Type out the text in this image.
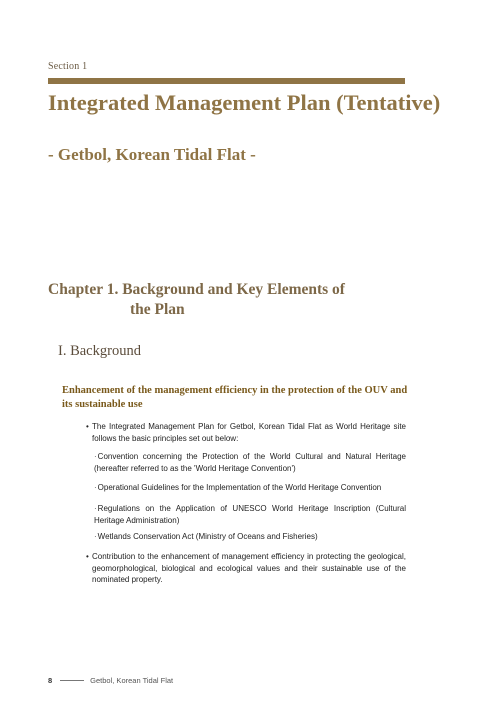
Section 1
Integrated Management Plan (Tentative)
- Getbol, Korean Tidal Flat -
Chapter 1. Background and Key Elements of
the Plan
I. Background
Enhancement of the management efficiency in the protection of the OUV and its sustainable use
• The Integrated Management Plan for Getbol, Korean Tidal Flat as World Heritage site follows the basic principles set out below:
·Convention concerning the Protection of the World Cultural and Natural Heritage (hereafter referred to as the 'World Heritage Convention')
·Operational Guidelines for the Implementation of the World Heritage Convention
·Regulations on the Application of UNESCO World Heritage Inscription (Cultural Heritage Administration)
·Wetlands Conservation Act (Ministry of Oceans and Fisheries)
• Contribution to the enhancement of management efficiency in protecting the geological, geomorphological, biological and ecological values and their sustainable use of the nominated property.
8	Getbol, Korean Tidal Flat
